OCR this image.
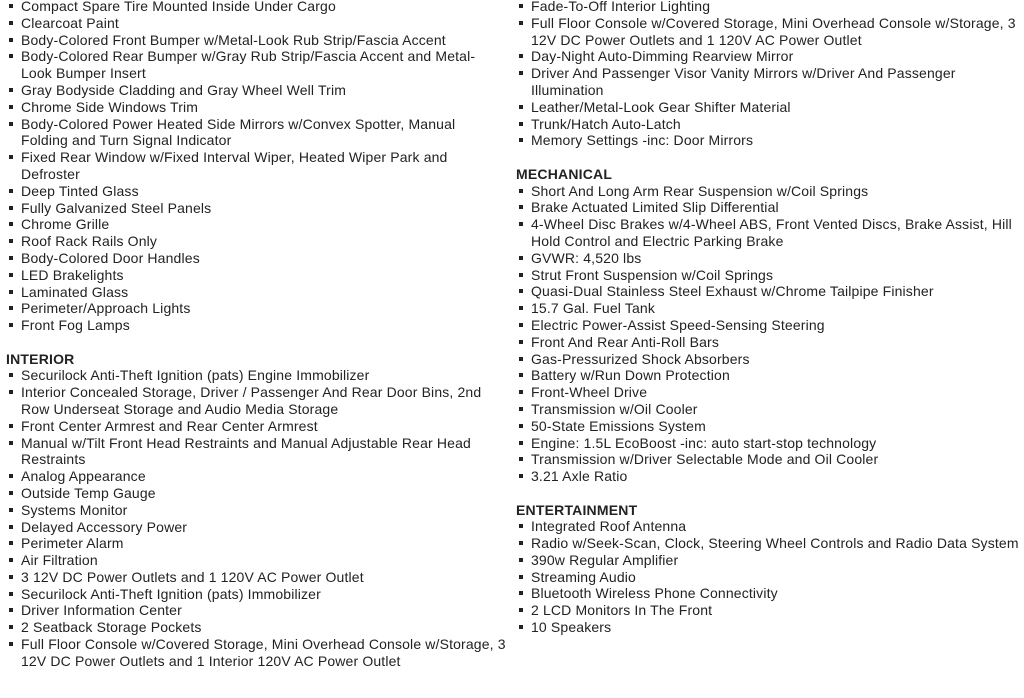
Compact Spare Tire Mounted Inside Under Cargo
Clearcoat Paint
Body-Colored Front Bumper w/Metal-Look Rub Strip/Fascia Accent
Body-Colored Rear Bumper w/Gray Rub Strip/Fascia Accent and Metal-Look Bumper Insert
Gray Bodyside Cladding and Gray Wheel Well Trim
Chrome Side Windows Trim
Body-Colored Power Heated Side Mirrors w/Convex Spotter, Manual Folding and Turn Signal Indicator
Fixed Rear Window w/Fixed Interval Wiper, Heated Wiper Park and Defroster
Deep Tinted Glass
Fully Galvanized Steel Panels
Chrome Grille
Roof Rack Rails Only
Body-Colored Door Handles
LED Brakelights
Laminated Glass
Perimeter/Approach Lights
Front Fog Lamps
INTERIOR
Securilock Anti-Theft Ignition (pats) Engine Immobilizer
Interior Concealed Storage, Driver / Passenger And Rear Door Bins, 2nd Row Underseat Storage and Audio Media Storage
Front Center Armrest and Rear Center Armrest
Manual w/Tilt Front Head Restraints and Manual Adjustable Rear Head Restraints
Analog Appearance
Outside Temp Gauge
Systems Monitor
Delayed Accessory Power
Perimeter Alarm
Air Filtration
3 12V DC Power Outlets and 1 120V AC Power Outlet
Securilock Anti-Theft Ignition (pats) Immobilizer
Driver Information Center
2 Seatback Storage Pockets
Full Floor Console w/Covered Storage, Mini Overhead Console w/Storage, 3 12V DC Power Outlets and 1 Interior 120V AC Power Outlet
Fade-To-Off Interior Lighting
Full Floor Console w/Covered Storage, Mini Overhead Console w/Storage, 3 12V DC Power Outlets and 1 120V AC Power Outlet
Day-Night Auto-Dimming Rearview Mirror
Driver And Passenger Visor Vanity Mirrors w/Driver And Passenger Illumination
Leather/Metal-Look Gear Shifter Material
Trunk/Hatch Auto-Latch
Memory Settings -inc: Door Mirrors
MECHANICAL
Short And Long Arm Rear Suspension w/Coil Springs
Brake Actuated Limited Slip Differential
4-Wheel Disc Brakes w/4-Wheel ABS, Front Vented Discs, Brake Assist, Hill Hold Control and Electric Parking Brake
GVWR: 4,520 lbs
Strut Front Suspension w/Coil Springs
Quasi-Dual Stainless Steel Exhaust w/Chrome Tailpipe Finisher
15.7 Gal. Fuel Tank
Electric Power-Assist Speed-Sensing Steering
Front And Rear Anti-Roll Bars
Gas-Pressurized Shock Absorbers
Battery w/Run Down Protection
Front-Wheel Drive
Transmission w/Oil Cooler
50-State Emissions System
Engine: 1.5L EcoBoost -inc: auto start-stop technology
Transmission w/Driver Selectable Mode and Oil Cooler
3.21 Axle Ratio
ENTERTAINMENT
Integrated Roof Antenna
Radio w/Seek-Scan, Clock, Steering Wheel Controls and Radio Data System
390w Regular Amplifier
Streaming Audio
Bluetooth Wireless Phone Connectivity
2 LCD Monitors In The Front
10 Speakers
